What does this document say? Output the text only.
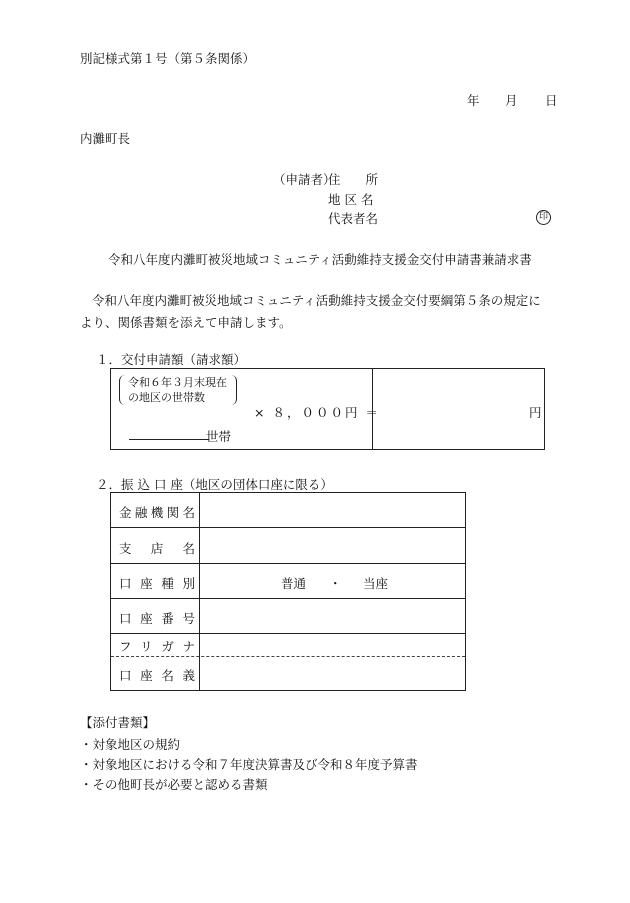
別記様式第１号（第５条関係）
年 月 日
内灘町長
（申請者）
住　　所
地 区 名
代表者名	印
令和八年度内灘町被災地域コミュニティ活動維持支援金交付申請書兼請求書
令和八年度内灘町被災地域コミュニティ活動維持支援金交付要綱第５条の規定により、関係書類を添えて申請します。
１．交付申請額（請求額）
令和６年３月末現在
の地区の世帯数
× ８，０００円 ＝
世帯
円
２．振 込 口 座（地区の団体口座に限る）
金 融 機 関 名
支 店 名
口 座 種 別	普通 ・ 当座
口 座 番 号
フ リ ガ ナ
口 座 名 義
【添付書類】
・対象地区の規約
・対象地区における令和７年度決算書及び令和８年度予算書
・その他町長が必要と認める書類
